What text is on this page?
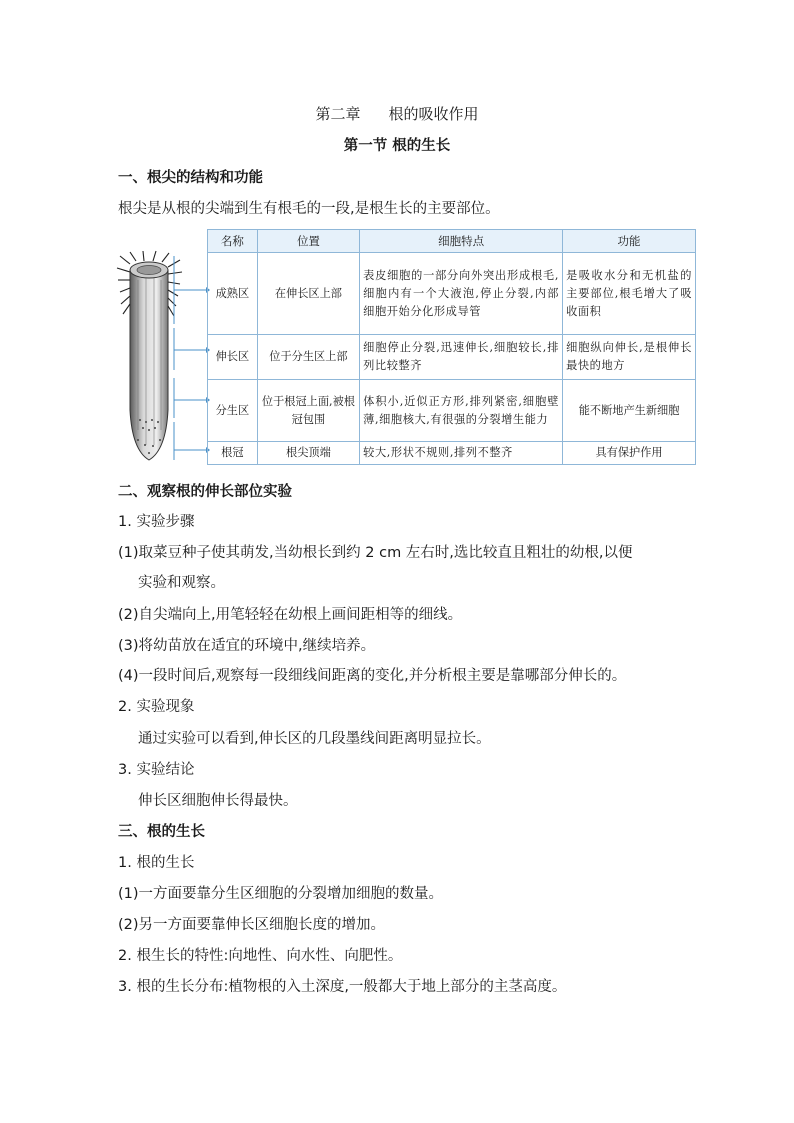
第二章 根的吸收作用
第一节 根的生长
一、根尖的结构和功能
根尖是从根的尖端到生有根毛的一段,是根生长的主要部位。
名称	位置	细胞特点	功能
成熟区	在伸长区上部	表皮细胞的一部分向外突出形成根毛,细胞内有一个大液泡,停止分裂,内部细胞开始分化形成导管	是吸收水分和无机盐的主要部位,根毛增大了吸收面积
伸长区	位于分生区上部	细胞停止分裂,迅速伸长,细胞较长,排列比较整齐	细胞纵向伸长,是根伸长最快的地方
分生区	位于根冠上面,被根冠包围	体积小,近似正方形,排列紧密,细胞壁薄,细胞核大,有很强的分裂增生能力	能不断地产生新细胞
根冠	根尖顶端	较大,形状不规则,排列不整齐	具有保护作用
二、观察根的伸长部位实验
1. 实验步骤
(1)取菜豆种子使其萌发,当幼根长到约 2 cm 左右时,选比较直且粗壮的幼根,以便
实验和观察。
(2)自尖端向上,用笔轻轻在幼根上画间距相等的细线。
(3)将幼苗放在适宜的环境中,继续培养。
(4)一段时间后,观察每一段细线间距离的变化,并分析根主要是靠哪部分伸长的。
2. 实验现象
通过实验可以看到,伸长区的几段墨线间距离明显拉长。
3. 实验结论
伸长区细胞伸长得最快。
三、根的生长
1. 根的生长
(1)一方面要靠分生区细胞的分裂增加细胞的数量。
(2)另一方面要靠伸长区细胞长度的增加。
2. 根生长的特性:向地性、向水性、向肥性。
3. 根的生长分布:植物根的入土深度,一般都大于地上部分的主茎高度。
